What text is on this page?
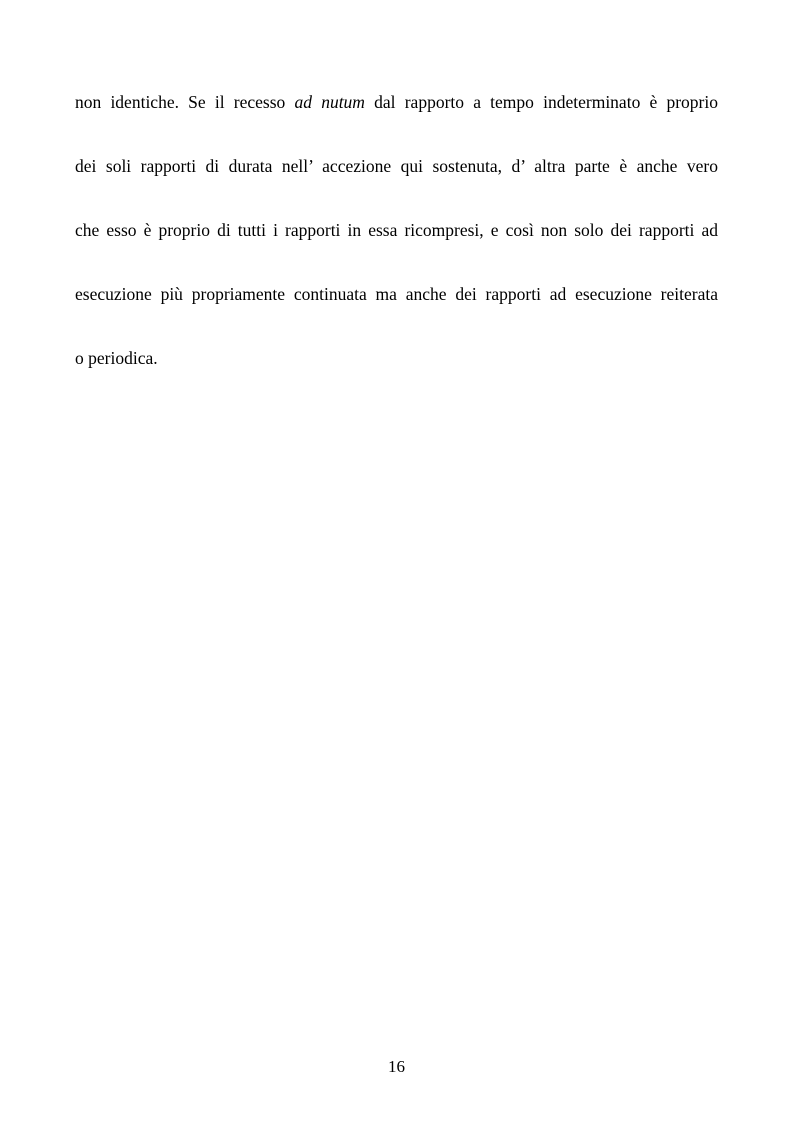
non identiche. Se il recesso ad nutum dal rapporto a tempo indeterminato è proprio
dei soli rapporti di durata nell’ accezione qui sostenuta, d’ altra parte è anche vero
che esso è proprio di tutti i rapporti in essa ricompresi, e così non solo dei rapporti ad
esecuzione più propriamente continuata ma anche dei rapporti ad esecuzione reiterata
o periodica.
16
